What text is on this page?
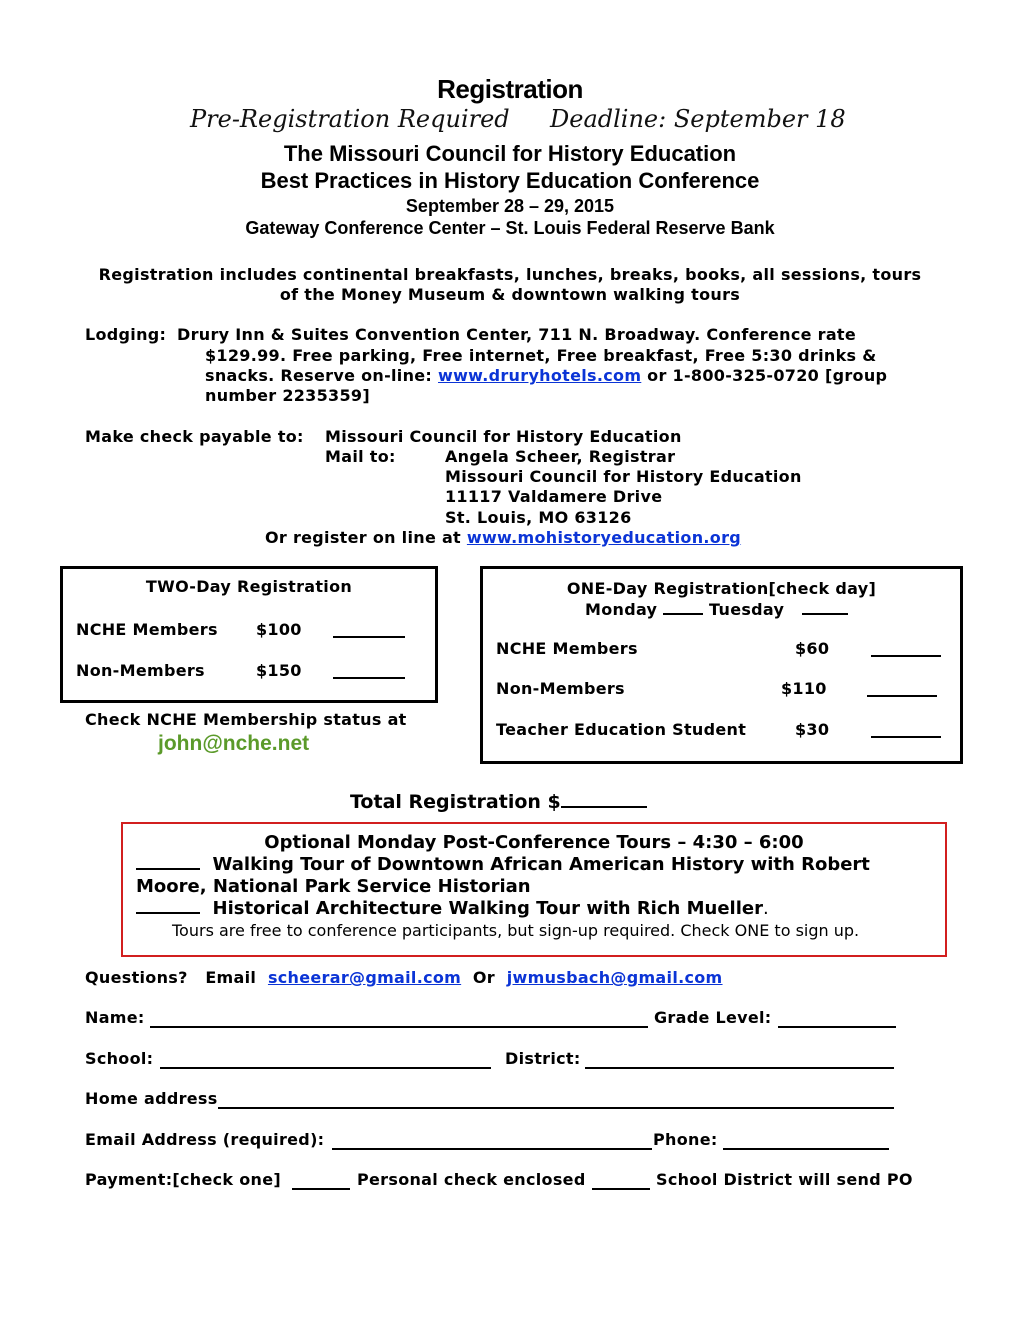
Registration
Pre-Registration Required Deadline: September 18
The Missouri Council for History Education
Best Practices in History Education Conference
September 28 – 29, 2015
Gateway Conference Center – St. Louis Federal Reserve Bank
Registration includes continental breakfasts, lunches, breaks, books, all sessions, tours
of the Money Museum & downtown walking tours
Lodging: Drury Inn & Suites Convention Center, 711 N. Broadway. Conference rate
$129.99. Free parking, Free internet, Free breakfast, Free 5:30 drinks &
snacks. Reserve on-line: www.druryhotels.com or 1-800-325-0720 [group
number 2235359]
Make check payable to: Missouri Council for History Education
Mail to:	Angela Scheer, Registrar
Missouri Council for History Education
11117 Valdamere Drive
St. Louis, MO 63126
Or register on line at www.mohistoryeducation.org
TWO-Day Registration
NCHE Members $100
Non-Members	$150
Check NCHE Membership status at
john@nche.net
ONE-Day Registration[check day]
Monday	Tuesday
NCHE Members	$60
Non-Members	$110
Teacher Education Student	$30
Total Registration $
Optional Monday Post-Conference Tours – 4:30 – 6:00
Walking Tour of Downtown African American History with Robert
Moore, National Park Service Historian
Historical Architecture Walking Tour with Rich Mueller.
Tours are free to conference participants, but sign-up required. Check ONE to sign up.
Questions? Email scheerar@gmail.com Or jwmusbach@gmail.com
Name:	Grade Level:
School:	District:
Home address
Email Address (required):	Phone:
Payment:[check one]	Personal check enclosed	School District will send PO
